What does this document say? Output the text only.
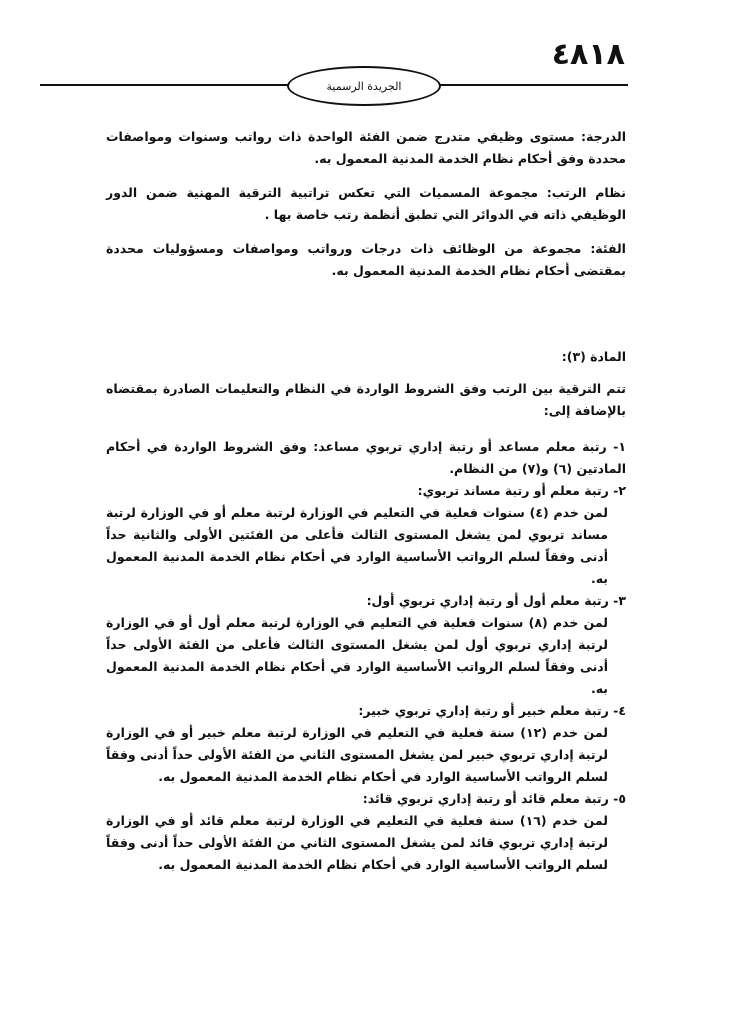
٤٨١٨
الجريدة الرسمية
الدرجة: مستوى وظيفي متدرج ضمن الفئة الواحدة ذات رواتب وسنوات ومواصفات محددة وفق أحكام نظام الخدمة المدنية المعمول به.
نظام الرتب: مجموعة المسميات التي تعكس تراتبية الترقية المهنية ضمن الدور الوظيفي ذاته في الدوائر التي تطبق أنظمة رتب خاصة بها .
الفئة: مجموعة من الوظائف ذات درجات ورواتب ومواصفات ومسؤوليات محددة بمقتضى أحكام نظام الخدمة المدنية المعمول به.
المادة (٣):
تتم الترقية بين الرتب وفق الشروط الواردة في النظام والتعليمات الصادرة بمقتضاه بالإضافة إلى:
١- رتبة معلم مساعد أو رتبة إداري تربوي مساعد: وفق الشروط الواردة في أحكام المادتين (٦) و(٧) من النظام.
٢- رتبة معلم أو رتبة مساند تربوي:
لمن خدم (٤) سنوات فعلية في التعليم في الوزارة لرتبة معلم أو في الوزارة لرتبة مساند تربوي لمن يشغل المستوى الثالث فأعلى من الفئتين الأولى والثانية حداً أدنى وفقاً لسلم الرواتب الأساسية الوارد في أحكام نظام الخدمة المدنية المعمول به.
٣- رتبة معلم أول أو رتبة إداري تربوي أول:
لمن خدم (٨) سنوات فعلية في التعليم في الوزارة لرتبة معلم أول أو في الوزارة لرتبة إداري تربوي أول لمن يشغل المستوى الثالث فأعلى من الفئة الأولى حداً أدنى وفقاً لسلم الرواتب الأساسية الوارد في أحكام نظام الخدمة المدنية المعمول به.
٤- رتبة معلم خبير أو رتبة إداري تربوي خبير:
لمن خدم (١٢) سنة فعلية في التعليم في الوزارة لرتبة معلم خبير أو في الوزارة لرتبة إداري تربوي خبير لمن يشغل المستوى الثاني من الفئة الأولى حداً أدنى وفقاً لسلم الرواتب الأساسية الوارد في أحكام نظام الخدمة المدنية المعمول به.
٥- رتبة معلم قائد أو رتبة إداري تربوي قائد:
لمن خدم (١٦) سنة فعلية في التعليم في الوزارة لرتبة معلم قائد أو في الوزارة لرتبة إداري تربوي قائد لمن يشغل المستوى الثاني من الفئة الأولى حداً أدنى وفقاً لسلم الرواتب الأساسية الوارد في أحكام نظام الخدمة المدنية المعمول به.
